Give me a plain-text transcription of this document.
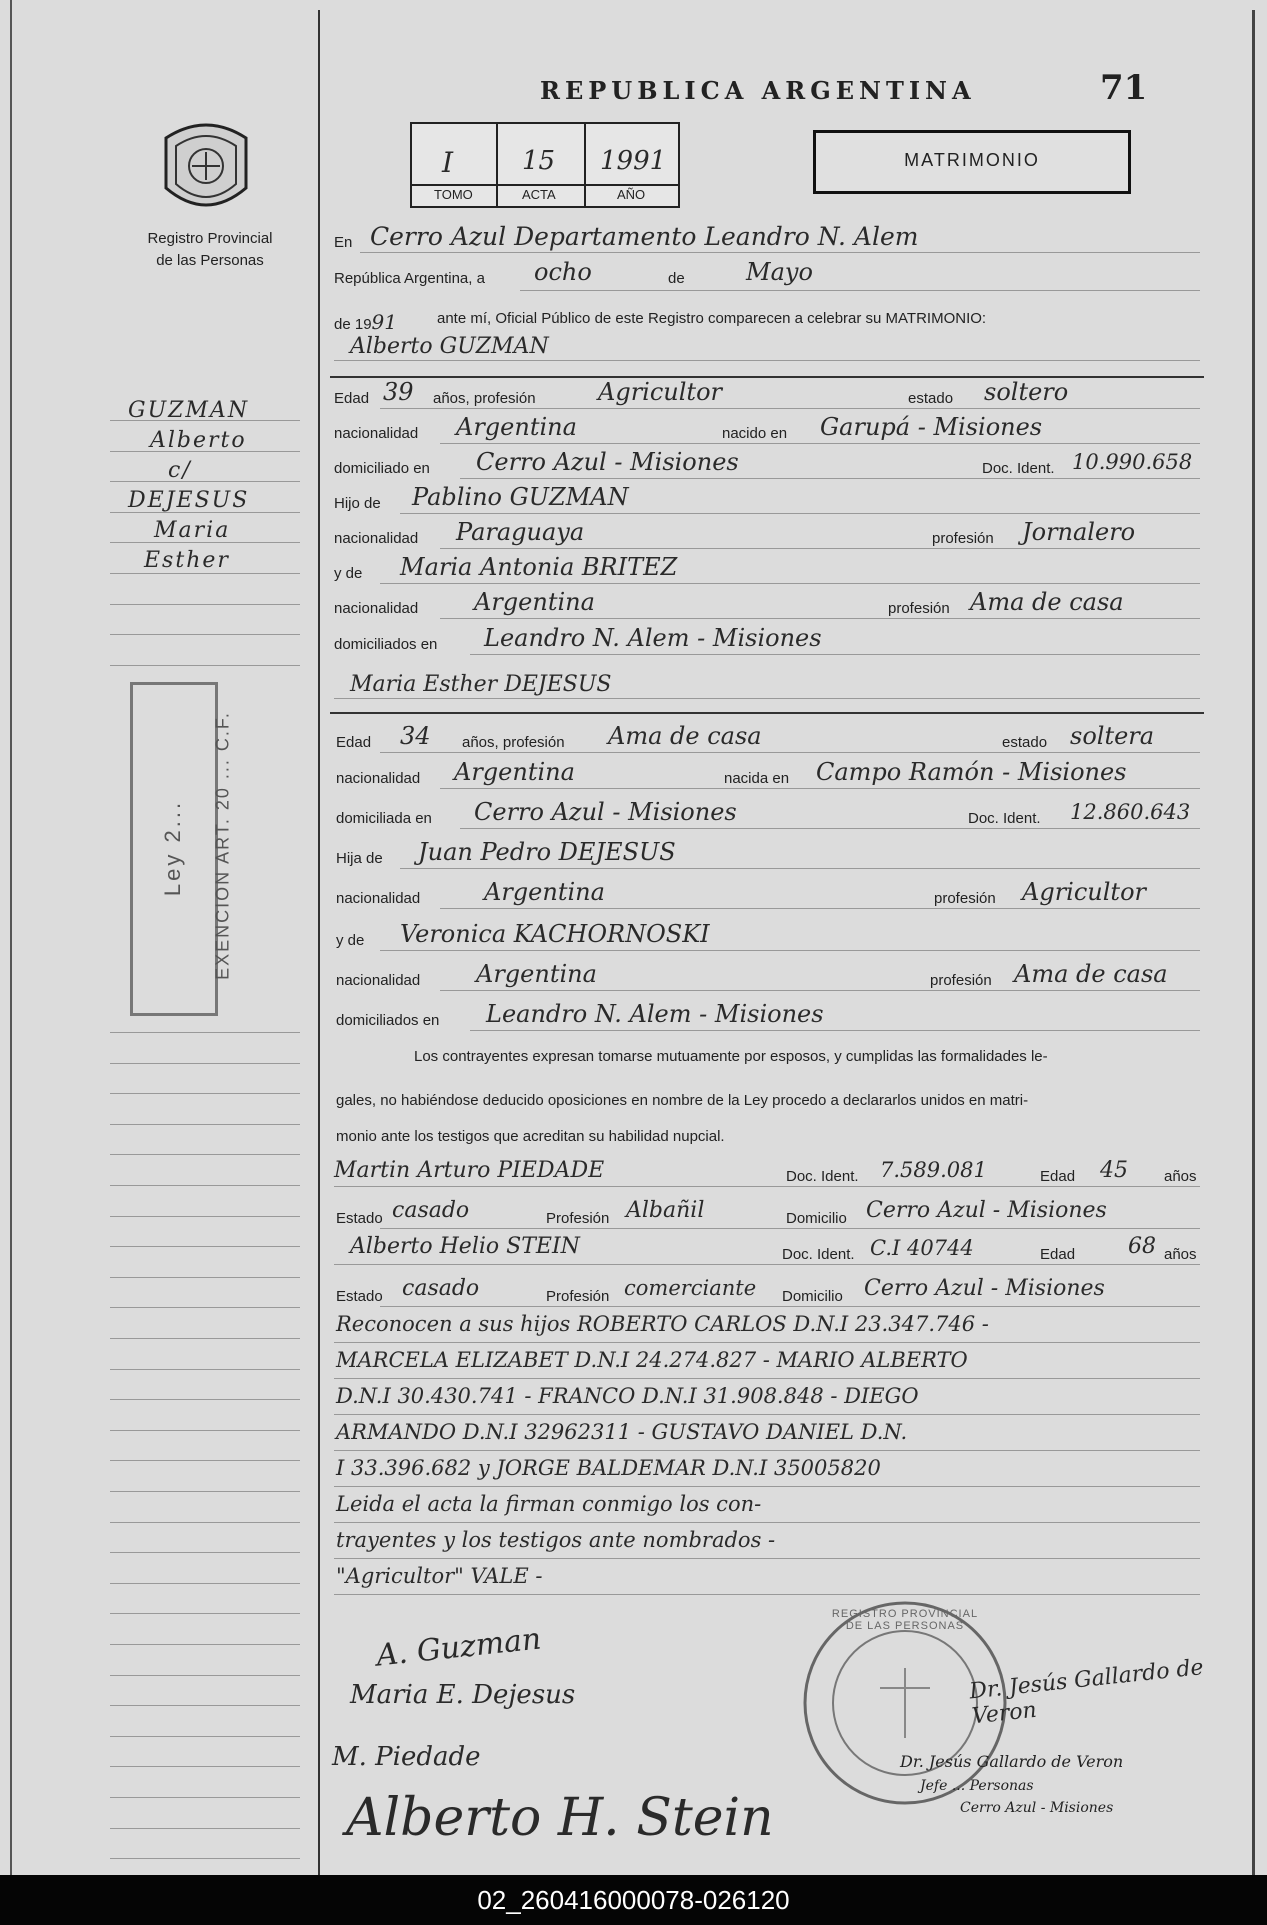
REPUBLICA ARGENTINA	71
I	15 1991
TOMO	ACTA	AÑO
MATRIMONIO
Registro Provincial
de las Personas
GUZMAN
Alberto
c/
DEJESUS
Maria
Esther
Ley 2... EXENCION ART. 20 ... C.F.
En Cerro Azul Departamento Leandro N. Alem
República Argentina, a ocho	de	Mayo
de 1991	ante mí, Oficial Público de este Registro comparecen a celebrar su MATRIMONIO:
Alberto GUZMAN
Edad 39 años, profesión	Agricultor	estado soltero
nacionalidad Argentina	nacido en Garupá - Misiones
domiciliado en Cerro Azul - Misiones	Doc. Ident. 10.990.658
Hijo de Pablino GUZMAN
nacionalidad Paraguaya	profesión Jornalero
y de Maria Antonia BRITEZ
nacionalidad Argentina	profesión Ama de casa
domiciliados en Leandro N. Alem - Misiones
Maria Esther DEJESUS
Edad 34 años, profesión Ama de casa	estado soltera
nacionalidad Argentina	nacida en Campo Ramón - Misiones
domiciliada en Cerro Azul - Misiones	Doc. Ident. 12.860.643
Hija de Juan Pedro DEJESUS
nacionalidad	Argentina	profesión Agricultor
y de Veronica KACHORNOSKI
nacionalidad Argentina	profesión Ama de casa
domiciliados en Leandro N. Alem - Misiones
Los contrayentes expresan tomarse mutuamente por esposos, y cumplidas las formalidades le-
gales, no habiéndose deducido oposiciones en nombre de la Ley procedo a declararlos unidos en matri-
monio ante los testigos que acreditan su habilidad nupcial.
Martin Arturo PIEDADE	Doc. Ident. 7.589.081	Edad 45 años
Estado casado	Profesión Albañil	Domicilio Cerro Azul - Misiones
Alberto Helio STEIN	Doc. Ident. C.I 40744	Edad 68 años
Estado casado	Profesión comerciante Domicilio Cerro Azul - Misiones
Reconocen a sus hijos ROBERTO CARLOS D.N.I 23.347.746 -
MARCELA ELIZABET D.N.I 24.274.827 - MARIO ALBERTO
D.N.I 30.430.741 - FRANCO D.N.I 31.908.848 - DIEGO
ARMANDO D.N.I 32962311 - GUSTAVO DANIEL D.N.
I 33.396.682 y JORGE BALDEMAR D.N.I 35005820
Leida el acta la firman conmigo los con-
trayentes y los testigos ante nombrados -
"Agricultor" VALE -
REGISTRO PROVINCIAL DE LAS PERSONAS
A. Guzman
Maria E. Dejesus
M. Piedade
Alberto H. Stein
Dr. Jesús Gallardo de Veron
Dr. Jesús Gallardo de Veron
Jefe ... Personas
Cerro Azul - Misiones
02_260416000078-026120
